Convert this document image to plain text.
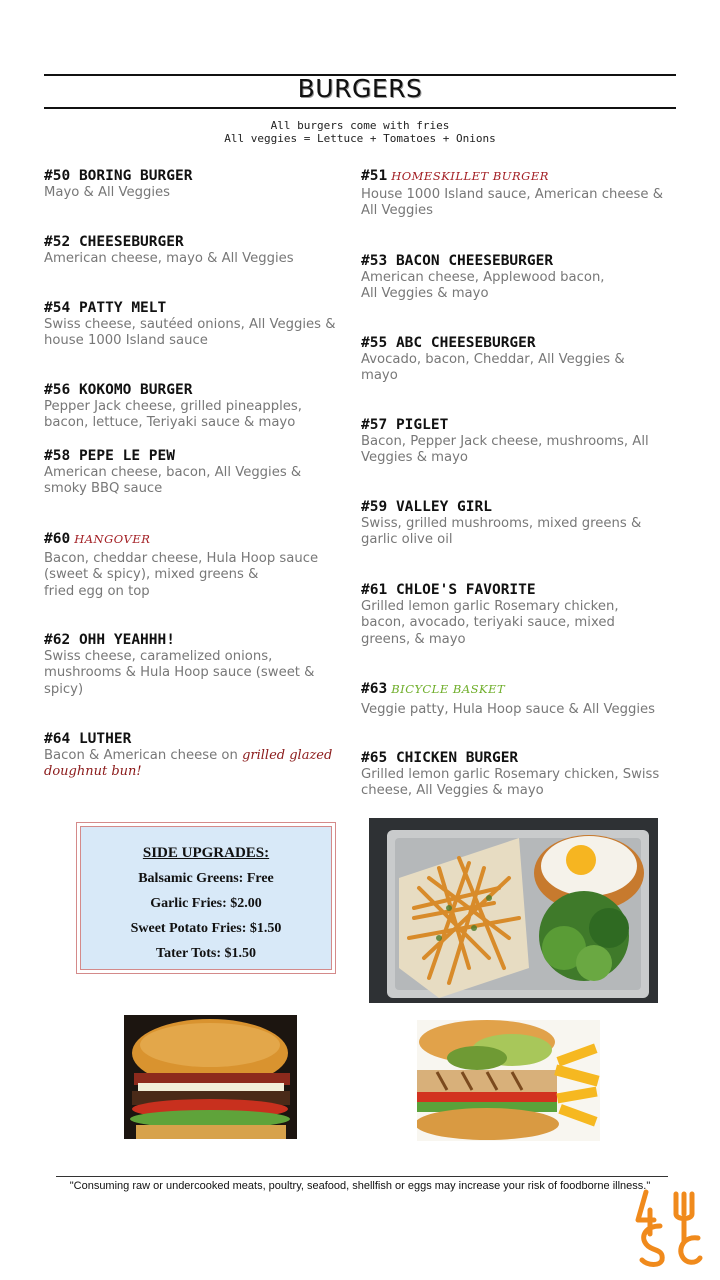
BURGERS
All burgers come with fries
All veggies = Lettuce + Tomatoes + Onions
#50 BORING BURGER
Mayo & All Veggies
#52 CHEESEBURGER
American cheese, mayo & All Veggies
#54 PATTY MELT
Swiss cheese, sautéed onions, All Veggies & house 1000 Island sauce
#56 KOKOMO BURGER
Pepper Jack cheese, grilled pineapples, bacon, lettuce, Teriyaki sauce & mayo
#58 PEPE LE PEW
American cheese, bacon, All Veggies & smoky BBQ sauce
#60 HANGOVER
Bacon, cheddar cheese, Hula Hoop sauce (sweet & spicy), mixed greens &
fried egg on top
#62 OHH YEAHHH!
Swiss cheese, caramelized onions, mushrooms & Hula Hoop sauce (sweet & spicy)
#64 LUTHER
Bacon & American cheese on grilled glazed doughnut bun!
#51 HOMESKILLET BURGER
House 1000 Island sauce, American cheese & All Veggies
#53 BACON CHEESEBURGER
American cheese, Applewood bacon,
All Veggies & mayo
#55 ABC CHEESEBURGER
Avocado, bacon, Cheddar, All Veggies & mayo
#57 PIGLET
Bacon, Pepper Jack cheese, mushrooms, All Veggies & mayo
#59 VALLEY GIRL
Swiss, grilled mushrooms, mixed greens & garlic olive oil
#61 CHLOE'S FAVORITE
Grilled lemon garlic Rosemary chicken, bacon, avocado, teriyaki sauce, mixed greens, & mayo
#63 BICYCLE BASKET
Veggie patty, Hula Hoop sauce & All Veggies
#65 CHICKEN BURGER
Grilled lemon garlic Rosemary chicken, Swiss cheese, All Veggies & mayo
SIDE UPGRADES:
Balsamic Greens: Free
Garlic Fries: $2.00
Sweet Potato Fries: $1.50
Tater Tots: $1.50
"Consuming raw or undercooked meats, poultry, seafood, shellfish or eggs may increase your risk of foodborne illness."
